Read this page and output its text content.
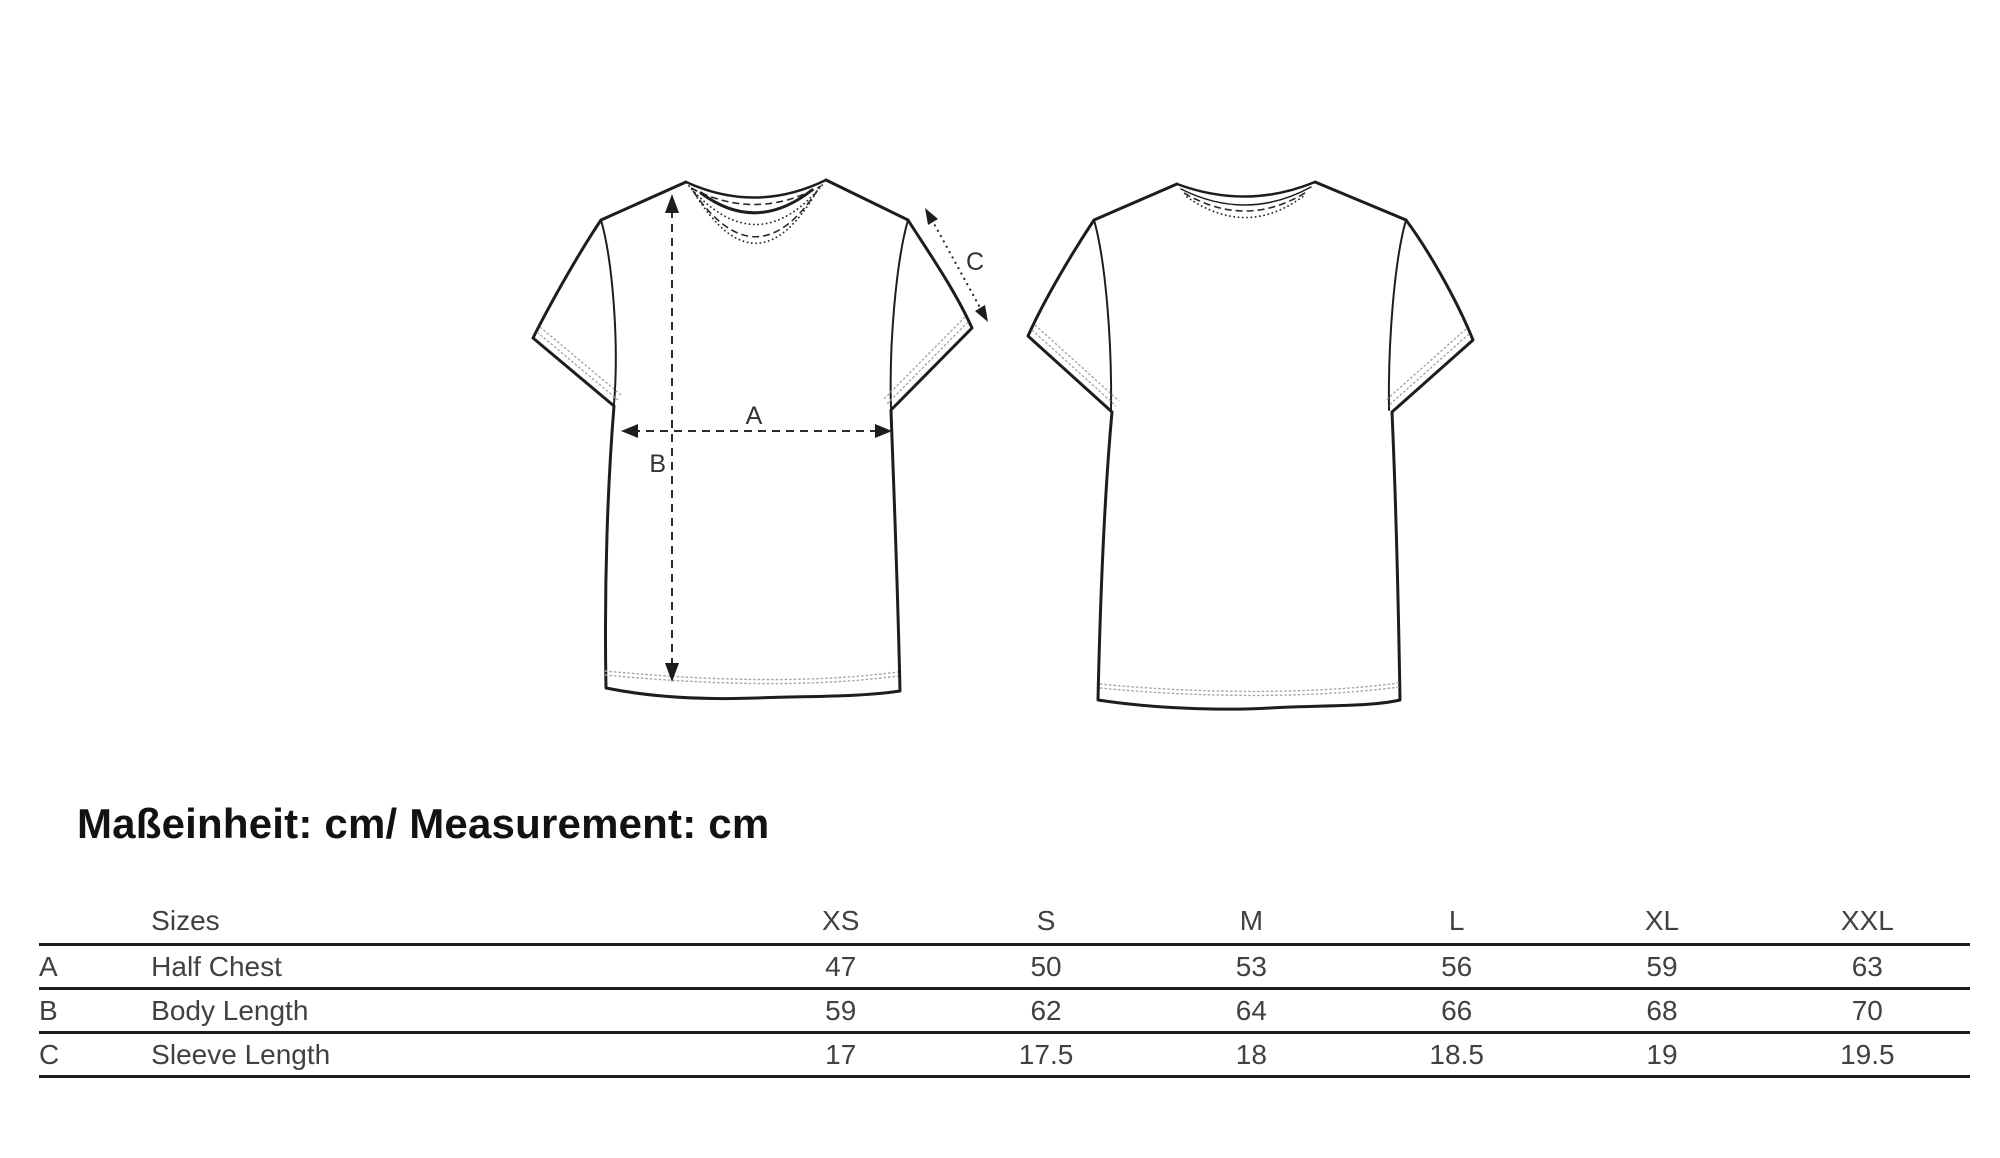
A
B
C
Maßeinheit: cm/ Measurement: cm
	Sizes	XS	S	M	L	XL	XXL
A	Half Chest	47	50	53	56	59	63
B	Body Length	59	62	64	66	68	70
C	Sleeve Length	17	17.5	18	18.5	19	19.5
